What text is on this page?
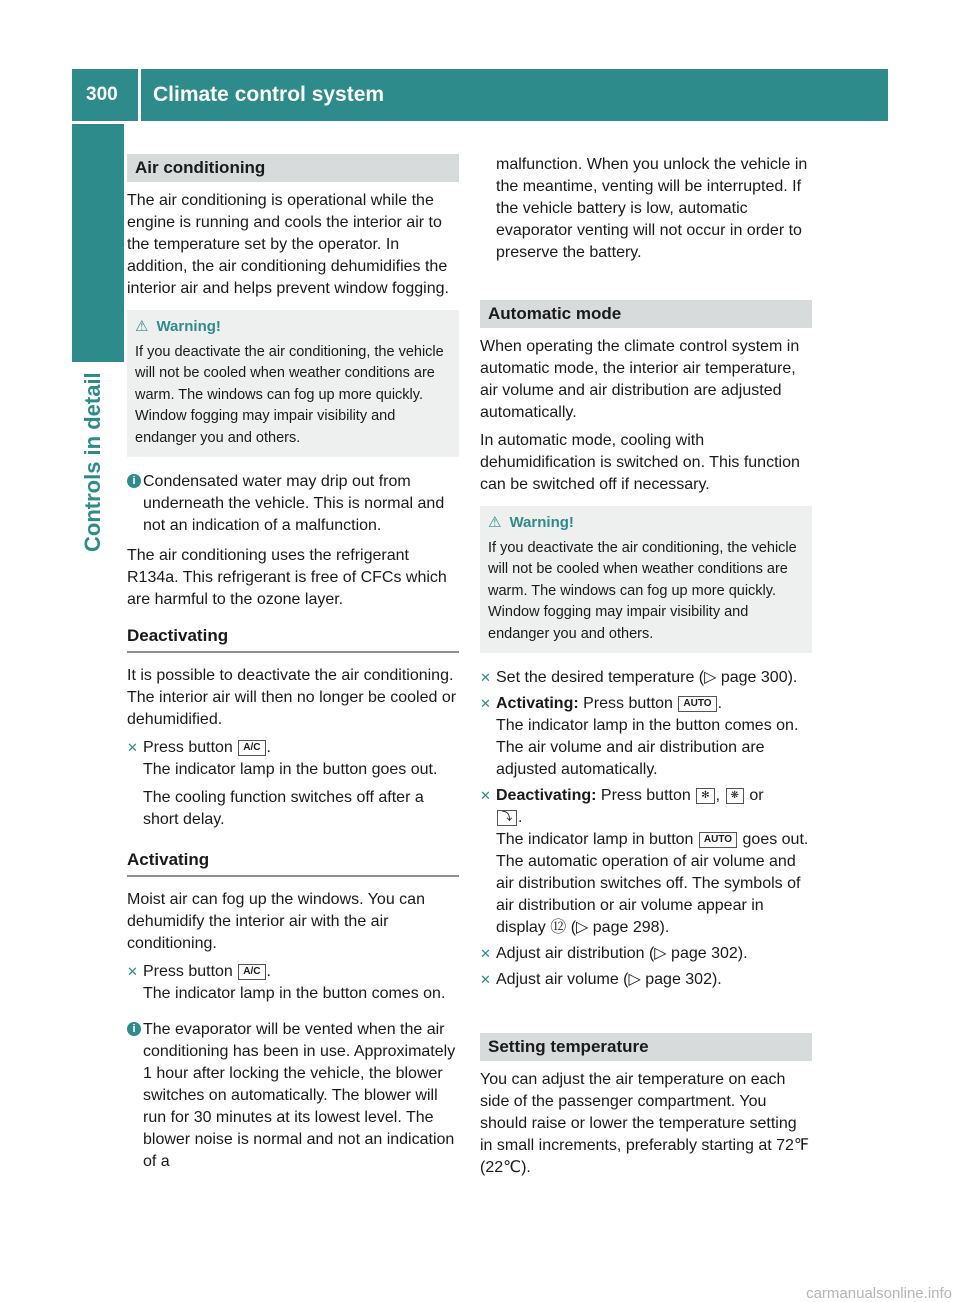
300	Climate control system
Controls in detail
Air conditioning

The air conditioning is operational while the engine is running and cools the interior air to the temperature set by the operator. In addition, the air conditioning dehumidifies the interior air and helps prevent window fogging.

⚠ Warning!
If you deactivate the air conditioning, the vehicle will not be cooled when weather conditions are warm. The windows can fog up more quickly. Window fogging may impair visibility and endanger you and others.
i Condensated water may drip out from underneath the vehicle. This is normal and not an indication of a malfunction.

The air conditioning uses the refrigerant R134a. This refrigerant is free of CFCs which are harmful to the ozone layer.

Deactivating

It is possible to deactivate the air conditioning. The interior air will then no longer be cooled or dehumidified.

✕ Press button A/C .
The indicator lamp in the button goes out.
The cooling function switches off after a short delay.
Activating

Moist air can fog up the windows. You can dehumidify the interior air with the air conditioning.

✕ Press button A/C .
The indicator lamp in the button comes on.
i The evaporator will be vented when the air conditioning has been in use. Approximately 1 hour after locking the vehicle, the blower switches on automatically. The blower will run for 30 minutes at its lowest level. The blower noise is normal and not an indication of a
malfunction. When you unlock the vehicle in the meantime, venting will be interrupted. If the vehicle battery is low, automatic evaporator venting will not occur in order to preserve the battery.
Automatic mode

When operating the climate control system in automatic mode, the interior air temperature, air volume and air distribution are adjusted automatically.

In automatic mode, cooling with dehumidification is switched on. This function can be switched off if necessary.

⚠ Warning!
If you deactivate the air conditioning, the vehicle will not be cooled when weather conditions are warm. The windows can fog up more quickly. Window fogging may impair visibility and endanger you and others.
✕ Set the desired temperature (▷ page 300).
✕ Activating: Press button AUTO .
The indicator lamp in the button comes on. The air volume and air distribution are adjusted automatically.
✕ Deactivating: Press button ✻ , ❋ or
⤵ .
The indicator lamp in button AUTO goes out. The automatic operation of air volume and air distribution switches off. The symbols of air distribution or air volume appear in display ⑫ (▷ page 298).
✕ Adjust air distribution (▷ page 302).
✕ Adjust air volume (▷ page 302).
Setting temperature

You can adjust the air temperature on each side of the passenger compartment. You should raise or lower the temperature setting in small increments, preferably starting at 72℉ (22℃).

carmanualsonline.info
